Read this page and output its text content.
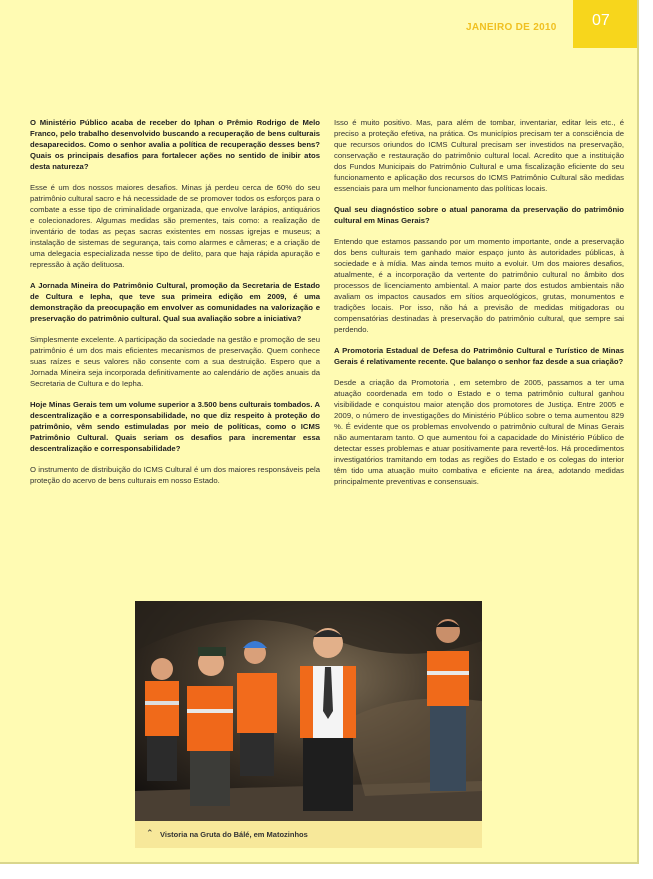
JANEIRO DE 2010 07

O Ministério Público acaba de receber do Iphan o Prêmio Rodrigo de Melo Franco, pelo trabalho desenvolvido buscando a recuperação de bens culturais desaparecidos. Como o senhor avalia a política de recuperação desses bens? Quais os principais desafios para fortalecer ações no sentido de inibir atos desta natureza?

Esse é um dos nossos maiores desafios. Minas já perdeu cerca de 60% do seu patrimônio cultural sacro e há necessidade de se promover todos os esforços para o combate a esse tipo de criminalidade organizada, que envolve larápios, antiquários e colecionadores. Algumas medidas são prementes, tais como: a realização de inventário de todas as peças sacras existentes em nossas igrejas e museus; a instalação de sistemas de segurança, tais como alarmes e câmeras; e a criação de uma delegacia especializada nesse tipo de delito, para que haja rápida apuração e repressão à ação delituosa.

A Jornada Mineira do Patrimônio Cultural, promoção da Secretaria de Estado de Cultura e Iepha, que teve sua primeira edição em 2009, é uma demonstração da preocupação em envolver as comunidades na valorização e preservação do patrimônio cultural. Qual sua avaliação sobre a iniciativa?

Simplesmente excelente. A participação da sociedade na gestão e promoção de seu patrimônio é um dos mais eficientes mecanismos de preservação. Quem conhece suas raízes e seus valores não consente com a sua destruição. Espero que a Jornada Mineira seja incorporada definitivamente ao calendário de ações anuais da Secretaria de Cultura e do Iepha.

Hoje Minas Gerais tem um volume superior a 3.500 bens culturais tombados. A descentralização e a corresponsabilidade, no que diz respeito à proteção do patrimônio, vêm sendo estimuladas por meio de políticas, como o ICMS Patrimônio Cultural. Quais seriam os desafios para incrementar essa descentralização e corresponsabilidade?

O instrumento de distribuição do ICMS Cultural é um dos maiores responsáveis pela proteção do acervo de bens culturais em nosso Estado.

Isso é muito positivo. Mas, para além de tombar, inventariar, editar leis etc., é preciso a proteção efetiva, na prática. Os municípios precisam ter a consciência de que recursos oriundos do ICMS Cultural precisam ser investidos na preservação, conservação e restauração do patrimônio cultural local. Acredito que a instituição dos Fundos Municipais do Patrimônio Cultural e uma fiscalização eficiente do seu funcionamento e aplicação dos recursos do ICMS Patrimônio Cultural são medidas essenciais para um melhor funcionamento das políticas locais.

Qual seu diagnóstico sobre o atual panorama da preservação do patrimônio cultural em Minas Gerais?

Entendo que estamos passando por um momento importante, onde a preservação dos bens culturais tem ganhado maior espaço junto às autoridades públicas, à sociedade e à mídia. Mas ainda temos muito a evoluir. Um dos maiores desafios, atualmente, é a incorporação da vertente do patrimônio cultural no âmbito dos processos de licenciamento ambiental. A maior parte dos estudos ambientais não avaliam os impactos causados em sítios arqueológicos, grutas, monumentos e tradições locais. Por isso, não há a previsão de medidas mitigadoras ou compensatórias destinadas à preservação do patrimônio cultural, que sempre sai perdendo.

A Promotoria Estadual de Defesa do Patrimônio Cultural e Turístico de Minas Gerais é relativamente recente. Que balanço o senhor faz desde a sua criação?

Desde a criação da Promotoria , em setembro de 2005, passamos a ter uma atuação coordenada em todo o Estado e o tema patrimônio cultural ganhou visibilidade e conquistou maior atenção dos promotores de Justiça. Entre 2005 e 2009, o número de investigações do Ministério Público sobre o tema aumentou 829 %. É evidente que os problemas envolvendo o patrimônio cultural de Minas Gerais não aumentaram tanto. O que aumentou foi a capacidade do Ministério Público de detectar esses problemas e atuar positivamente para revertê-los. Há procedimentos investigatórios tramitando em todas as regiões do Estado e os colegas do interior têm tido uma atuação muito combativa e eficiente na área, adotando medidas principalmente preventivas e consensuais.

⌃ Vistoria na Gruta do Bálé, em Matozinhos
